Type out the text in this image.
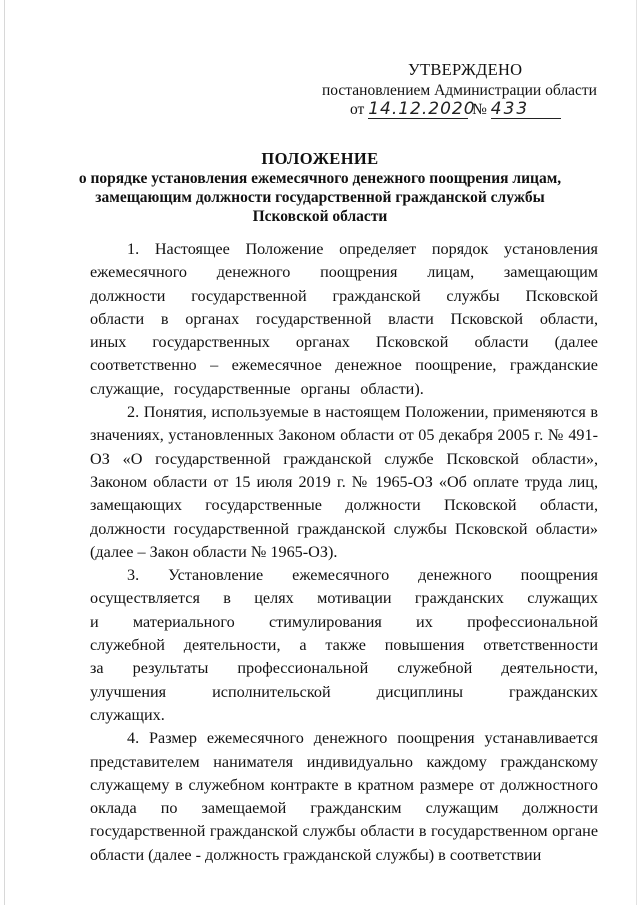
УТВЕРЖДЕНО
постановлением Администрации области
от 14.12.2020 № 433
ПОЛОЖЕНИЕ
о порядке установления ежемесячного денежного поощрения лицам,
замещающим должности государственной гражданской службы
Псковской области

1. Настоящее Положение определяет порядок установления ежемесячного денежного поощрения лицам, замещающим должности государственной гражданской службы Псковской области в органах государственной власти Псковской области, иных государственных органах Псковской области (далее соответственно – ежемесячное денежное поощрение, гражданские служащие, государственные органы области).

2. Понятия, используемые в настоящем Положении, применяются в значениях, установленных Законом области от 05 декабря 2005 г. № 491-ОЗ «О государственной гражданской службе Псковской области», Законом области от 15 июля 2019 г. № 1965-ОЗ «Об оплате труда лиц, замещающих государственные должности Псковской области, должности государственной гражданской службы Псковской области» (далее – Закон области № 1965-ОЗ).

3. Установление ежемесячного денежного поощрения осуществляется в целях мотивации гражданских служащих и материального стимулирования их профессиональной служебной деятельности, а также повышения ответственности за результаты профессиональной служебной деятельности, улучшения исполнительской дисциплины гражданских служащих.

4. Размер ежемесячного денежного поощрения устанавливается представителем нанимателя индивидуально каждому гражданскому служащему в служебном контракте в кратном размере от должностного оклада по замещаемой гражданским служащим должности государственной гражданской службы области в государственном органе области (далее - должность гражданской службы) в соответствии
